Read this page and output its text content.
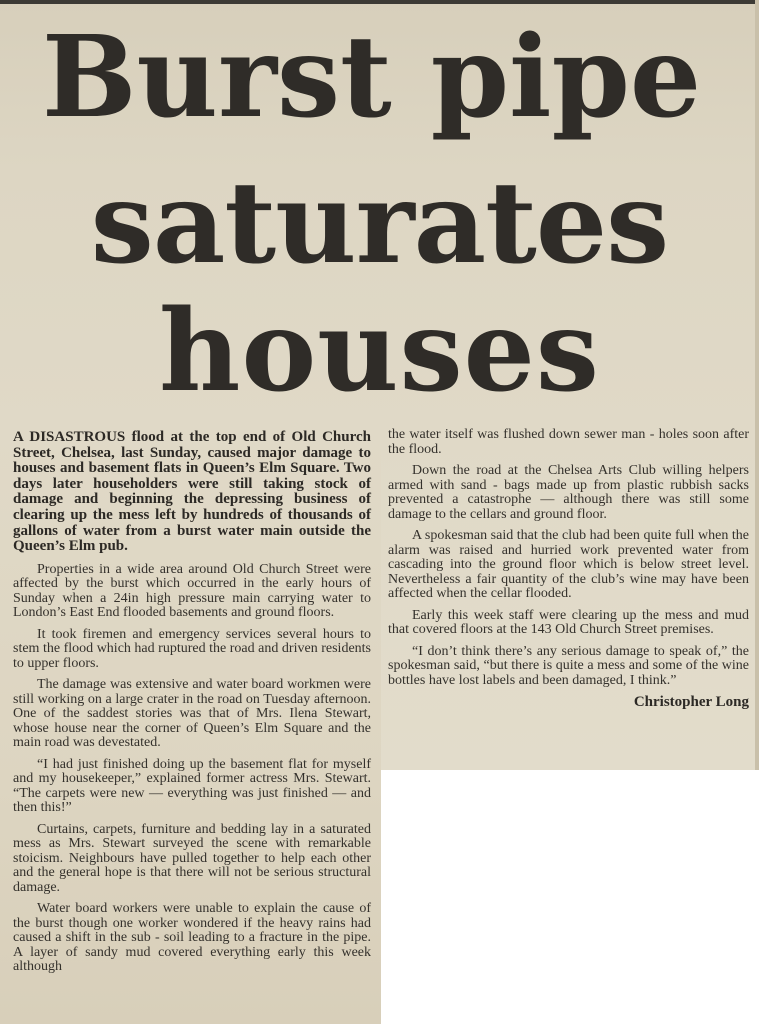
Burst pipe
saturates
houses

A DISASTROUS flood at the top end of Old Church Street, Chelsea, last Sunday, caused major damage to houses and basement flats in Queen’s Elm Square. Two days later householders were still taking stock of damage and beginning the depressing business of clearing up the mess left by hundreds of thousands of gallons of water from a burst water main outside the Queen’s Elm pub.

Properties in a wide area around Old Church Street were affected by the burst which occurred in the early hours of Sunday when a 24in high pressure main carrying water to London’s East End flooded basements and ground floors.

It took firemen and emergency services several hours to stem the flood which had ruptured the road and driven residents to upper floors.

The damage was extensive and water board workmen were still working on a large crater in the road on Tuesday afternoon. One of the saddest stories was that of Mrs. Ilena Stewart, whose house near the corner of Queen’s Elm Square and the main road was devestated.

“I had just finished doing up the basement flat for myself and my housekeeper,” explained former actress Mrs. Stewart. “The carpets were new — everything was just finished — and then this!”

Curtains, carpets, furniture and bedding lay in a saturated mess as Mrs. Stewart surveyed the scene with remarkable stoicism. Neighbours have pulled together to help each other and the general hope is that there will not be serious structural damage.

Water board workers were unable to explain the cause of the burst though one worker wondered if the heavy rains had caused a shift in the sub - soil leading to a fracture in the pipe. A layer of sandy mud covered everything early this week although

the water itself was flushed down sewer man - holes soon after the flood.

Down the road at the Chelsea Arts Club willing helpers armed with sand - bags made up from plastic rubbish sacks prevented a catastrophe — although there was still some damage to the cellars and ground floor.

A spokesman said that the club had been quite full when the alarm was raised and hurried work prevented water from cascading into the ground floor which is below street level. Nevertheless a fair quantity of the club’s wine may have been affected when the cellar flooded.

Early this week staff were clearing up the mess and mud that covered floors at the 143 Old Church Street premises.

“I don’t think there’s any serious damage to speak of,” the spokesman said, “but there is quite a mess and some of the wine bottles have lost labels and been damaged, I think.”

Christopher Long
